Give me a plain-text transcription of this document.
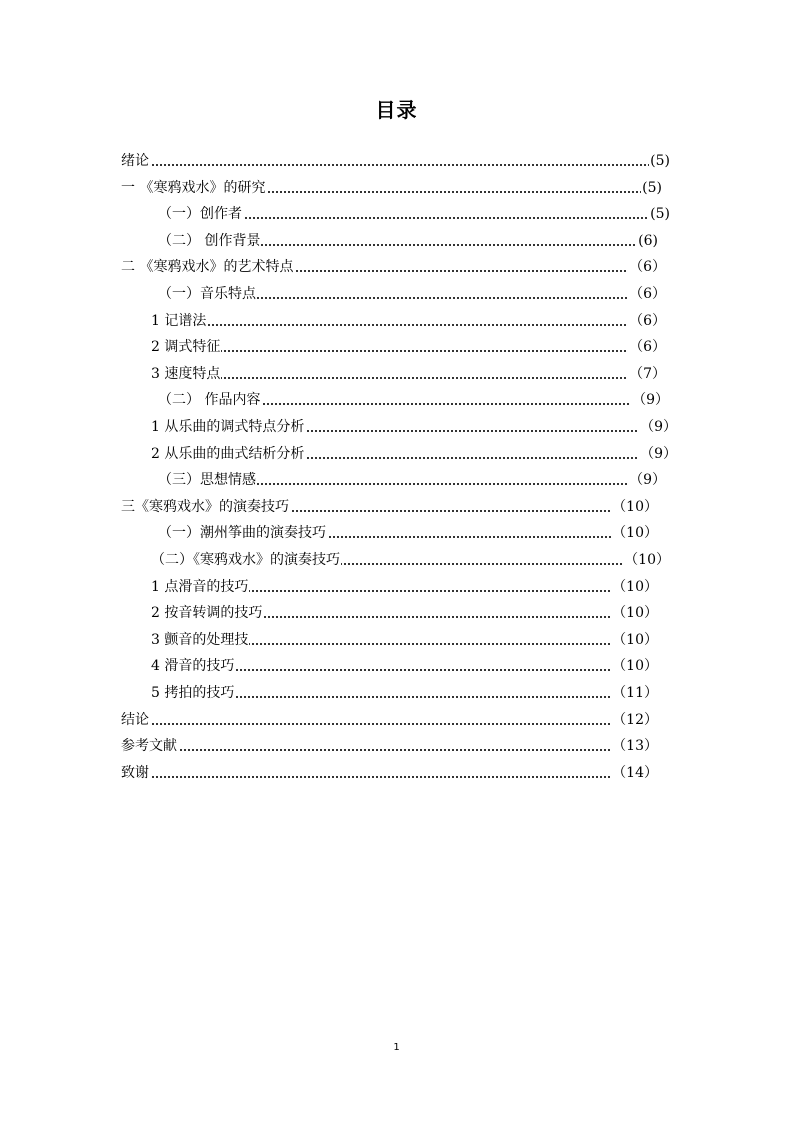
目录
绪论	(5)
一 《寒鸦戏水》的研究	(5)
（一）创作者	(5)
（二） 创作背景	(6)
二 《寒鸦戏水》的艺术特点	（6）
（一）音乐特点	（6）
1 记谱法	（6）
2 调式特征	（6）
3 速度特点	（7）
（二） 作品内容	（9）
1 从乐曲的调式特点分析	（9）
2 从乐曲的曲式结析分析	（9）
（三）思想情感	（9）
三《寒鸦戏水》的演奏技巧	（10）
（一）潮州筝曲的演奏技巧	（10）
（二）《寒鸦戏水》的演奏技巧	（10）
1 点滑音的技巧	（10）
2 按音转调的技巧	（10）
3 颤音的处理技	（10）
4 滑音的技巧	（10）
5 拷拍的技巧	（11）
结论	（12）
参考文献	（13）
致谢	（14）
1
